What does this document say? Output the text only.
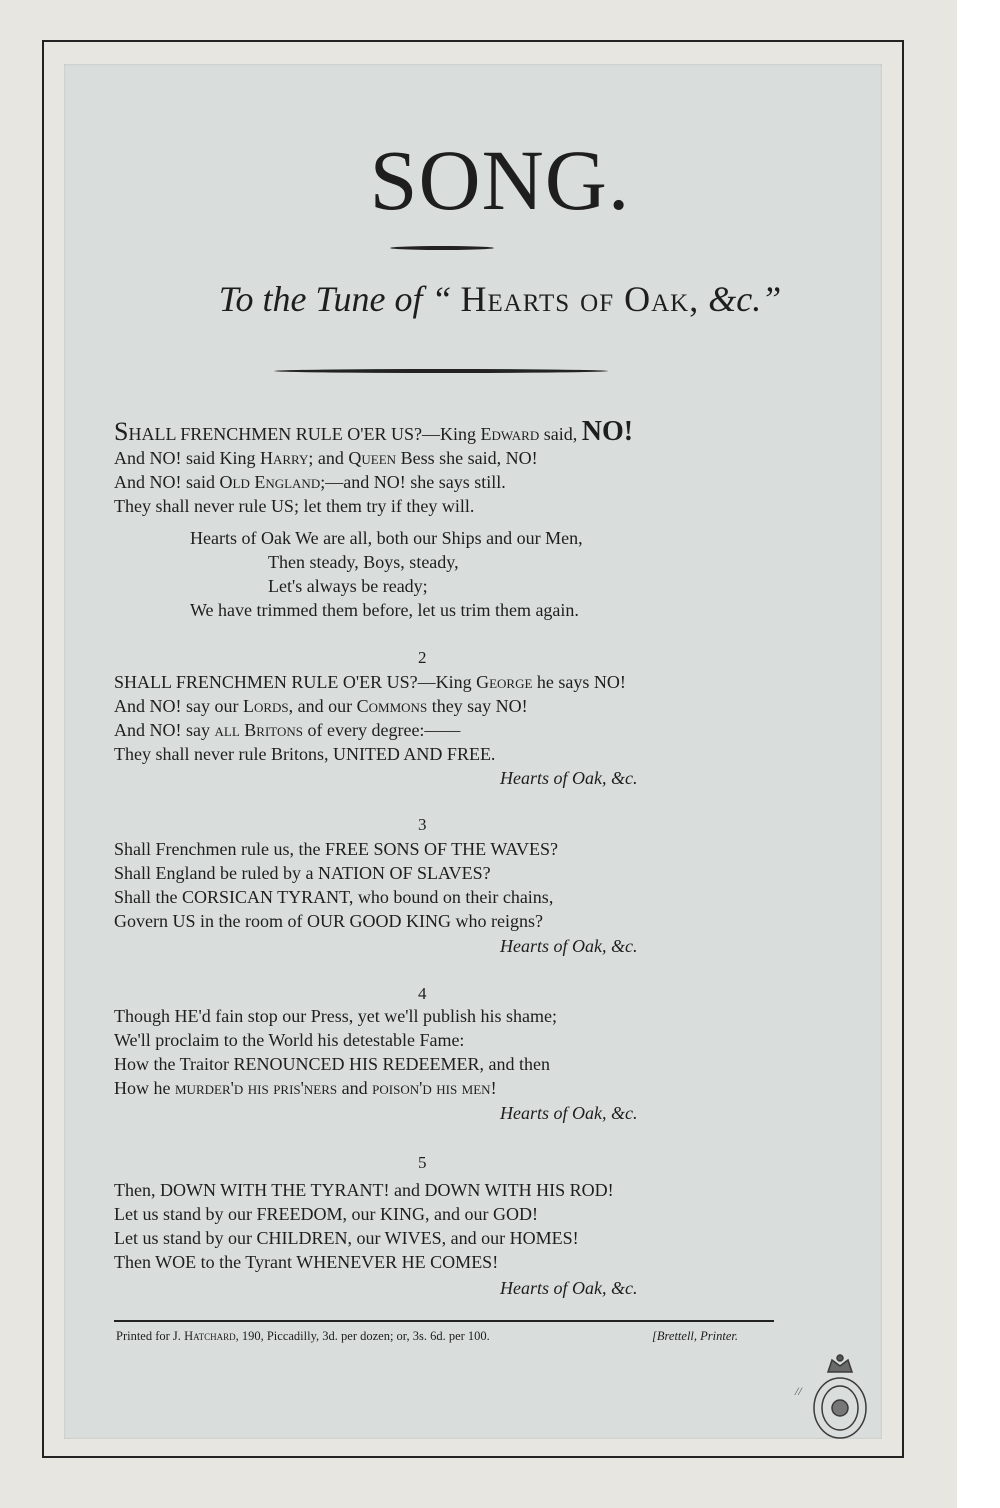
SONG.
To the Tune of “ Hearts of Oak, &c.”
SHALL FRENCHMEN RULE O'ER US?—King Edward said, NO!
And NO! said King Harry; and Queen Bess she said, NO!
And NO! said Old England;—and NO! she says still.
They shall never rule US; let them try if they will.
Hearts of Oak We are all, both our Ships and our Men,
Then steady, Boys, steady,
Let's always be ready;
We have trimmed them before, let us trim them again.
2
SHALL FRENCHMEN RULE O'ER US?—King George he says NO!
And NO! say our Lords, and our Commons they say NO!
And NO! say all Britons of every degree:——
They shall never rule Britons, UNITED AND FREE.
Hearts of Oak, &c.
3
Shall Frenchmen rule us, the FREE SONS OF THE WAVES?
Shall England be ruled by a NATION OF SLAVES?
Shall the CORSICAN TYRANT, who bound on their chains,
Govern US in the room of OUR GOOD KING who reigns?
Hearts of Oak, &c.
4
Though HE'd fain stop our Press, yet we'll publish his shame;
We'll proclaim to the World his detestable Fame:
How the Traitor RENOUNCED HIS REDEEMER, and then
How he murder'd his pris'ners and poison'd his men!
Hearts of Oak, &c.
5
Then, DOWN WITH THE TYRANT! and DOWN WITH HIS ROD!
Let us stand by our FREEDOM, our KING, and our GOD!
Let us stand by our CHILDREN, our WIVES, and our HOMES!
Then WOE to the Tyrant WHENEVER HE COMES!
Hearts of Oak, &c.
Printed for J. Hatchard, 190, Piccadilly, 3d. per dozen; or, 3s. 6d. per 100.	[Brettell, Printer.
//
